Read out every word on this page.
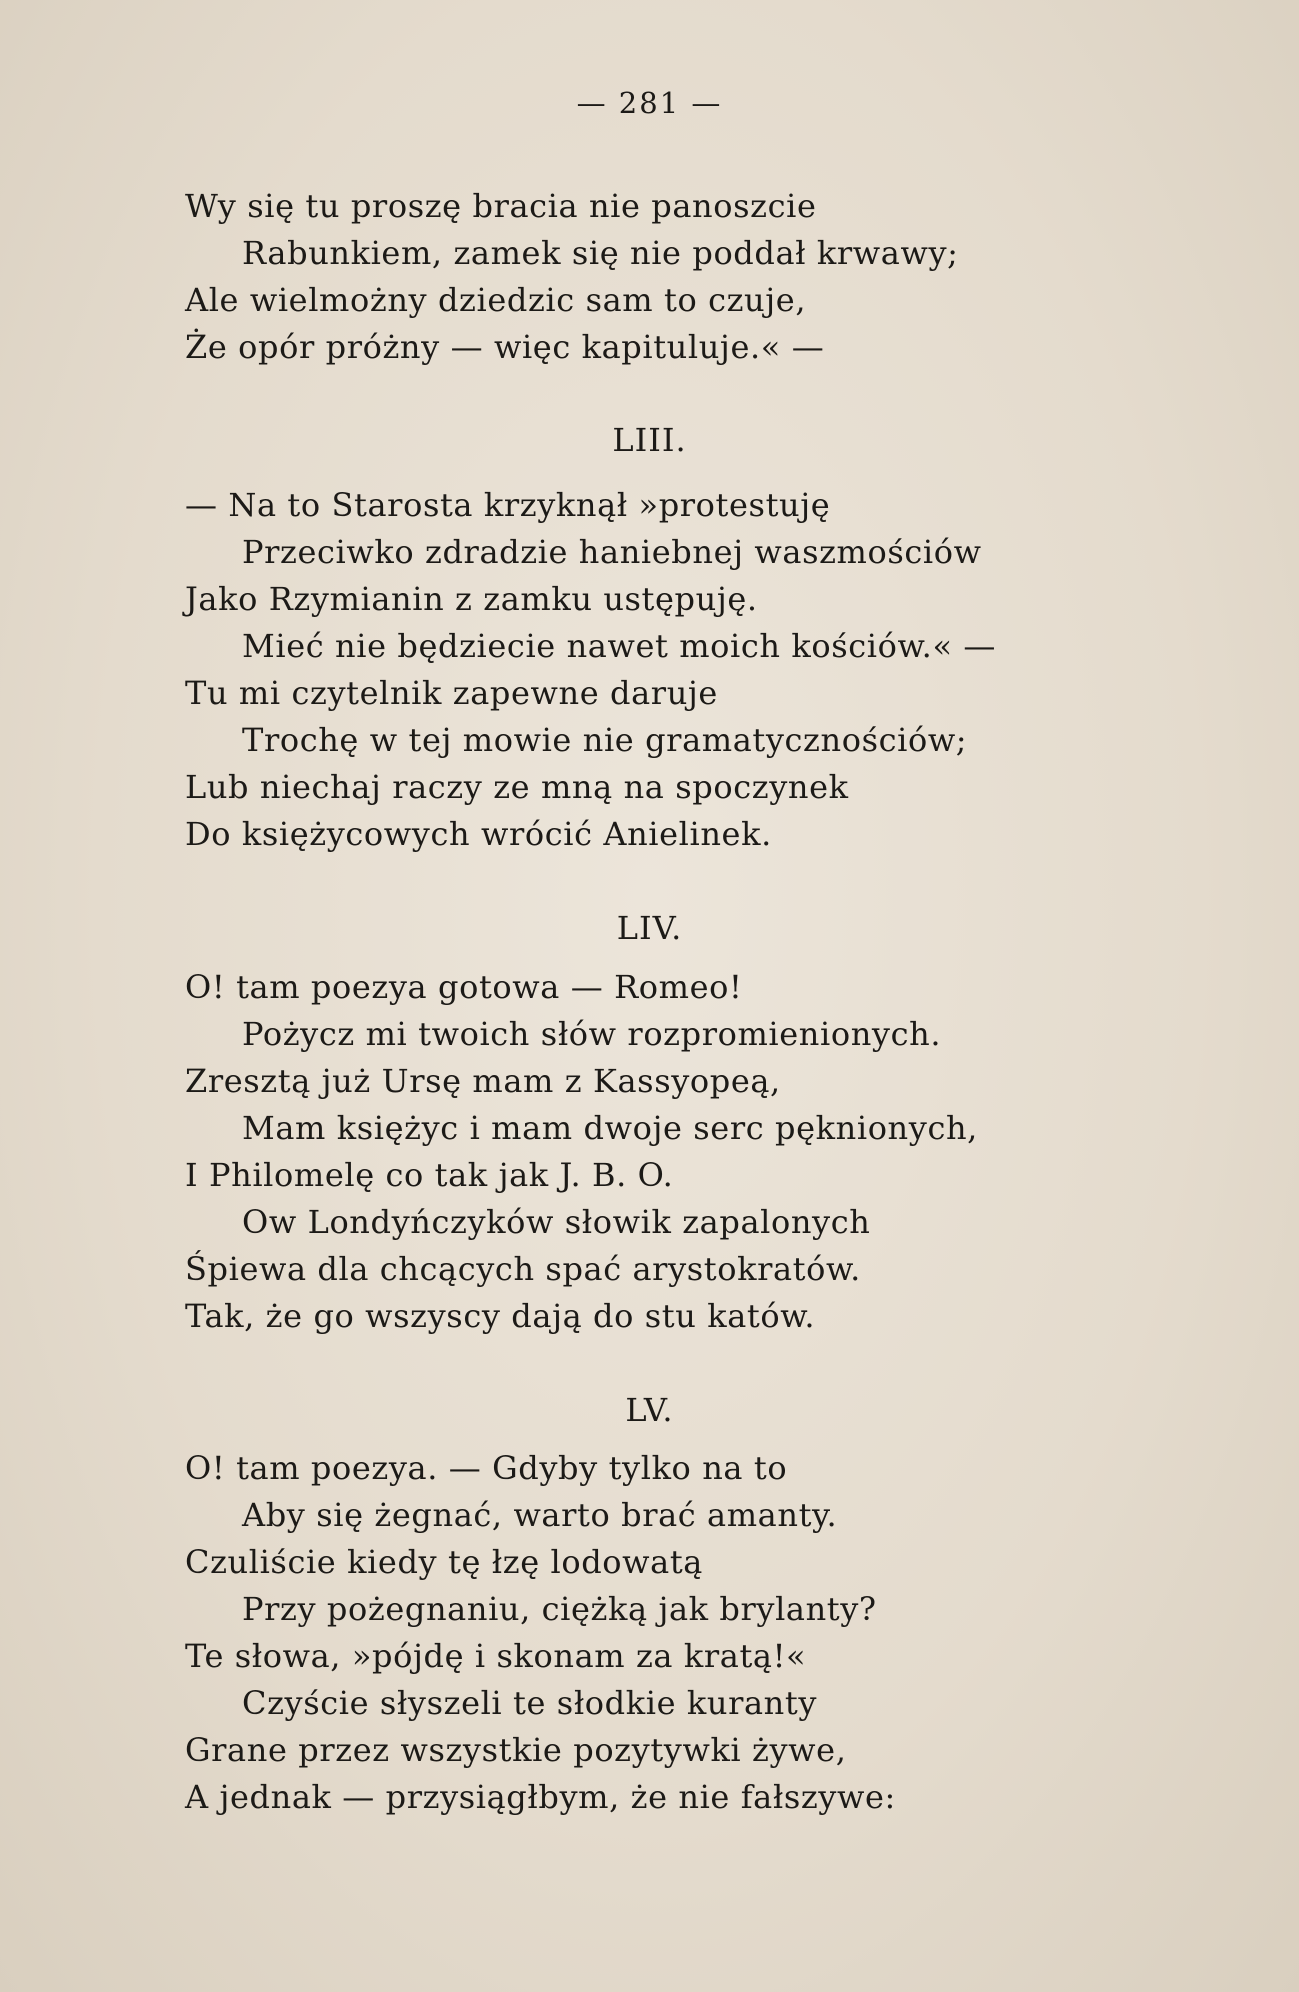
— 281 —
Wy się tu proszę bracia nie panoszcie
Rabunkiem, zamek się nie poddał krwawy;
Ale wielmożny dziedzic sam to czuje,
Że opór próżny — więc kapituluje.« —
LIII.
— Na to Starosta krzyknął »protestuję
Przeciwko zdradzie haniebnej waszmościów
Jako Rzymianin z zamku ustępuję.
Mieć nie będziecie nawet moich kościów.« —
Tu mi czytelnik zapewne daruje
Trochę w tej mowie nie gramatycznościów;
Lub niechaj raczy ze mną na spoczynek
Do księżycowych wrócić Anielinek.
LIV.
O! tam poezya gotowa — Romeo!
Pożycz mi twoich słów rozpromienionych.
Zresztą już Ursę mam z Kassyopeą,
Mam księżyc i mam dwoje serc pęknionych,
I Philomelę co tak jak J. B. O.
Ow Londyńczyków słowik zapalonych
Śpiewa dla chcących spać arystokratów.
Tak, że go wszyscy dają do stu katów.
LV.
O! tam poezya. — Gdyby tylko na to
Aby się żegnać, warto brać amanty.
Czuliście kiedy tę łzę lodowatą
Przy pożegnaniu, ciężką jak brylanty?
Te słowa, »pójdę i skonam za kratą!«
Czyście słyszeli te słodkie kuranty
Grane przez wszystkie pozytywki żywe,
A jednak — przysiągłbym, że nie fałszywe:
